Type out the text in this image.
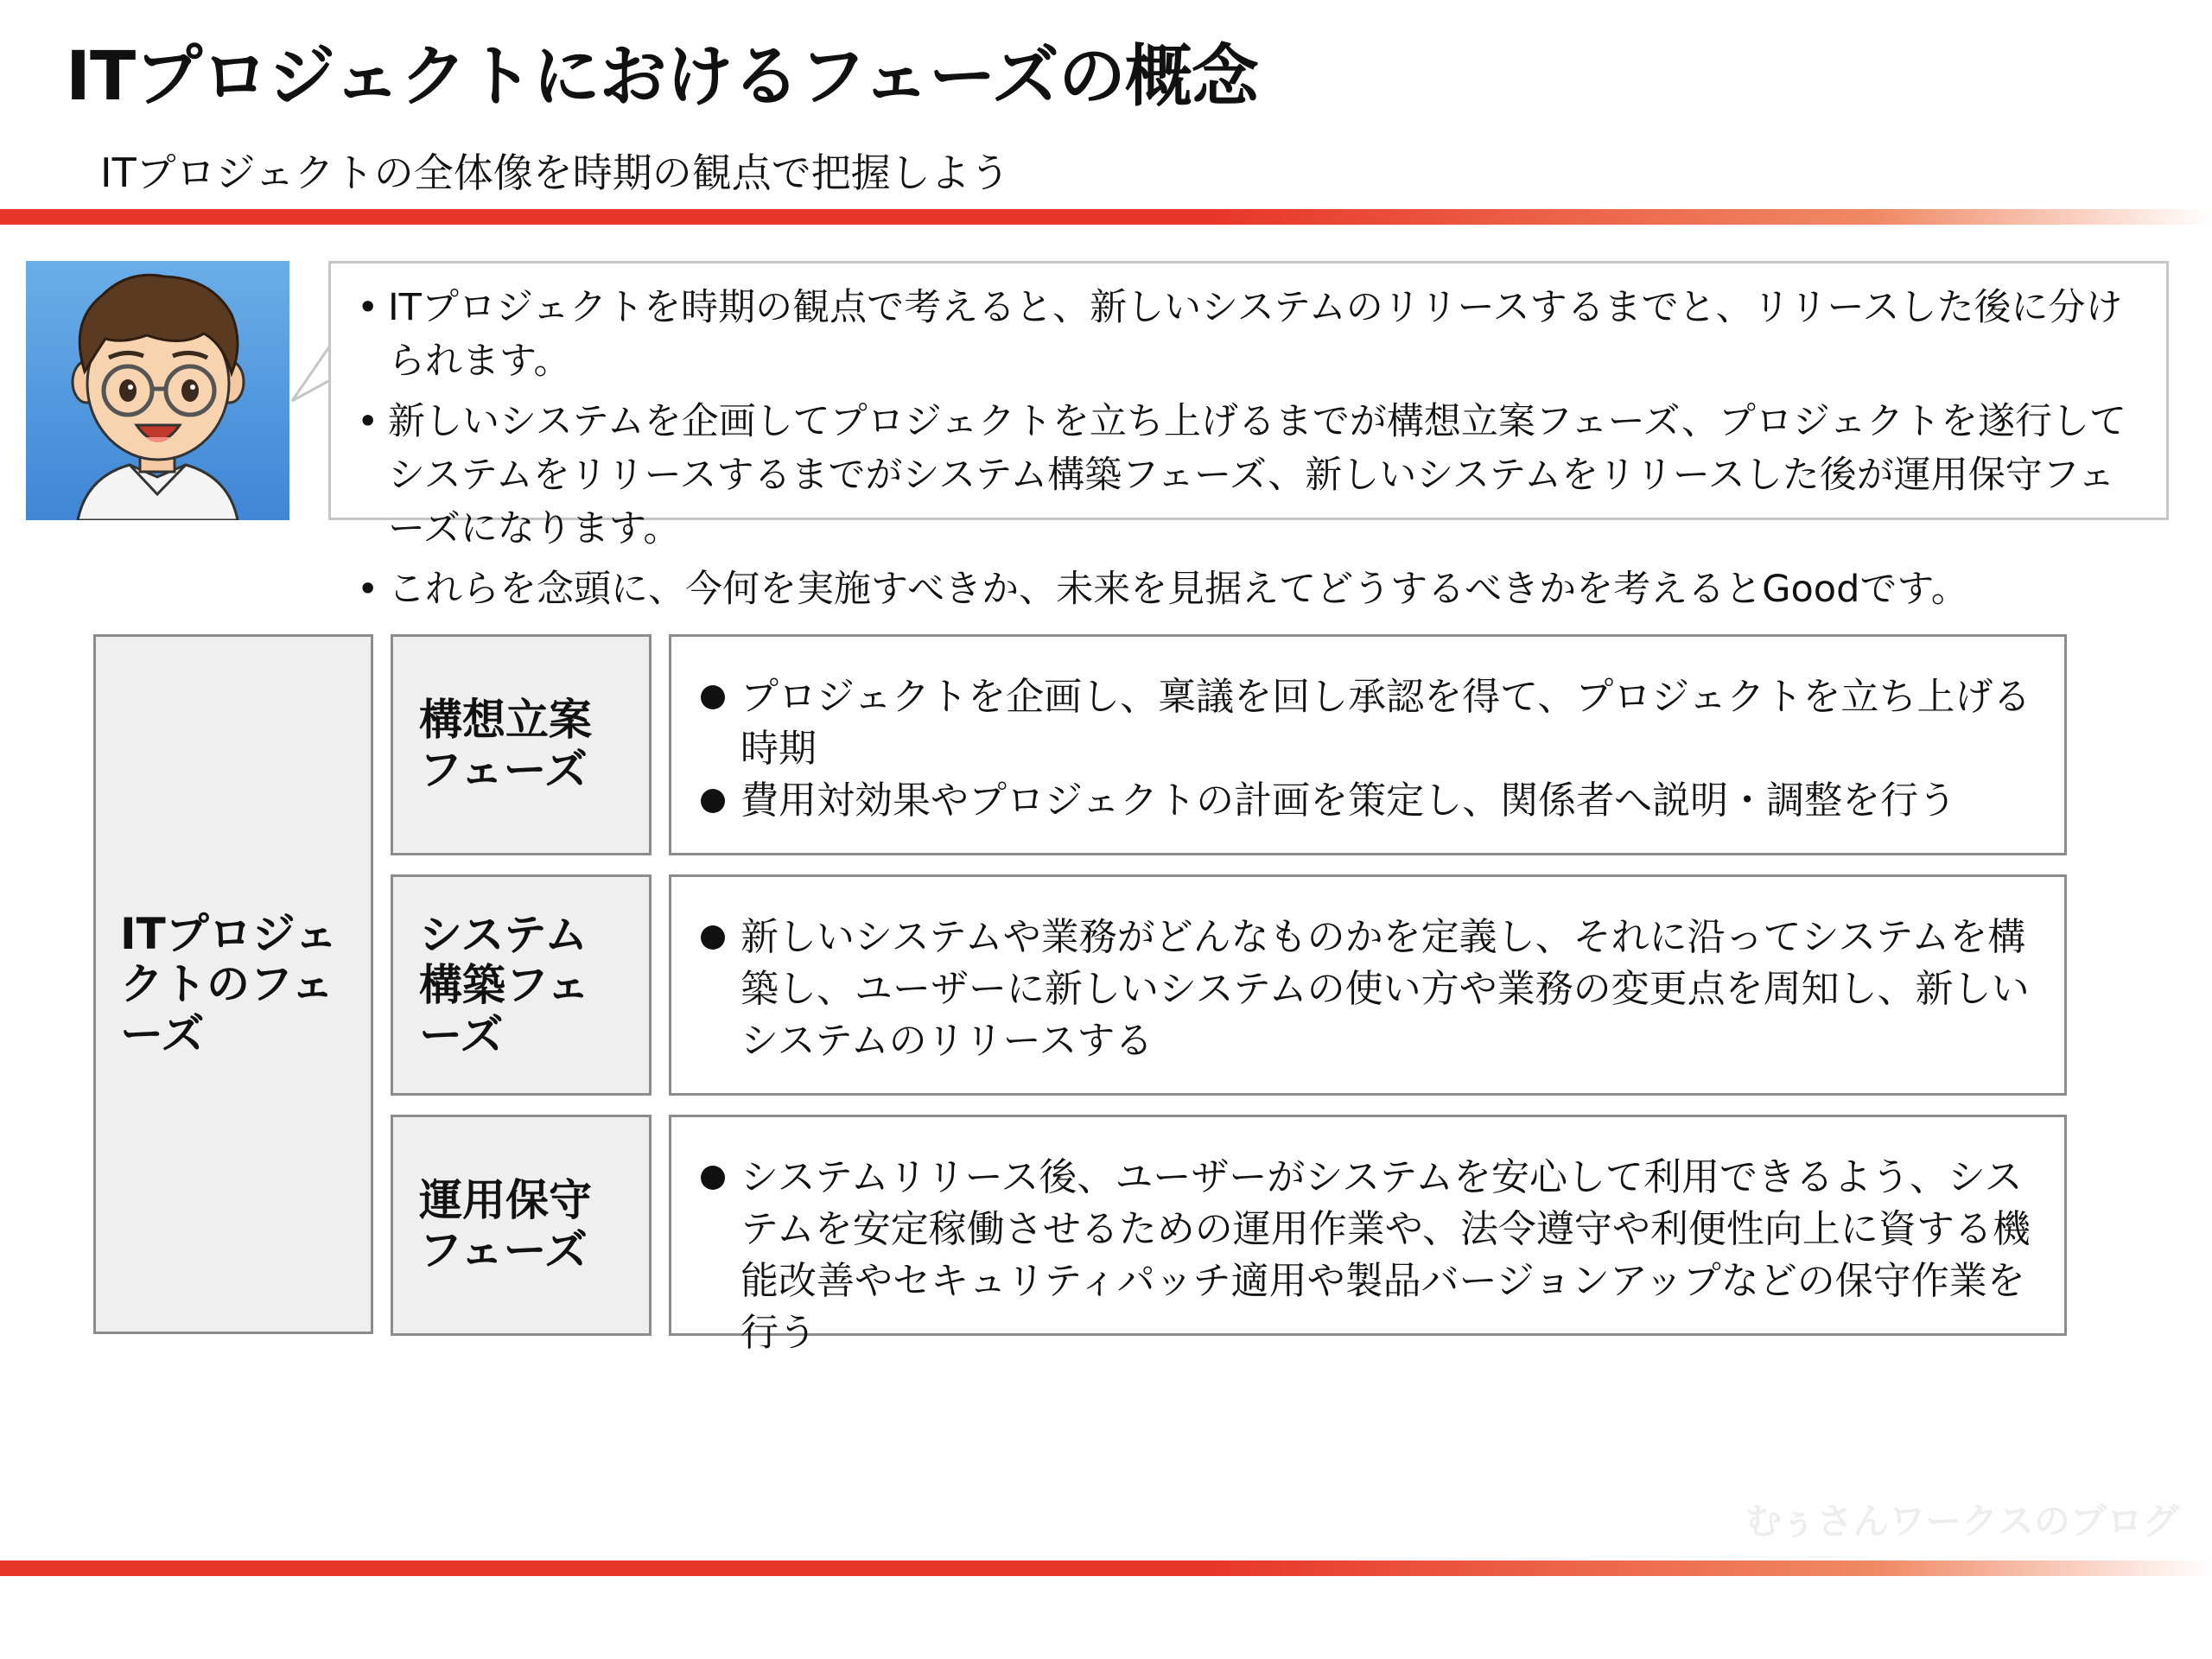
ITプロジェクトにおけるフェーズの概念
ITプロジェクトの全体像を時期の観点で把握しよう
• ITプロジェクトを時期の観点で考えると、新しいシステムのリリースするまでと、リリースした後に分けられます。
• 新しいシステムを企画してプロジェクトを立ち上げるまでが構想立案フェーズ、プロジェクトを遂行してシステムをリリースするまでがシステム構築フェーズ、新しいシステムをリリースした後が運用保守フェーズになります。
• これらを念頭に、今何を実施すべきか、未来を見据えてどうするべきかを考えるとGoodです。
ITプロジェクトのフェーズ
構想立案フェーズ
プロジェクトを企画し、稟議を回し承認を得て、プロジェクトを立ち上げる時期
費用対効果やプロジェクトの計画を策定し、関係者へ説明・調整を行う
システム構築フェーズ
新しいシステムや業務がどんなものかを定義し、それに沿ってシステムを構築し、ユーザーに新しいシステムの使い方や業務の変更点を周知し、新しいシステムのリリースする
運用保守フェーズ
システムリリース後、ユーザーがシステムを安心して利用できるよう、システムを安定稼働させるための運用作業や、法令遵守や利便性向上に資する機能改善やセキュリティパッチ適用や製品バージョンアップなどの保守作業を行う
むぅさんワークスのブログ
